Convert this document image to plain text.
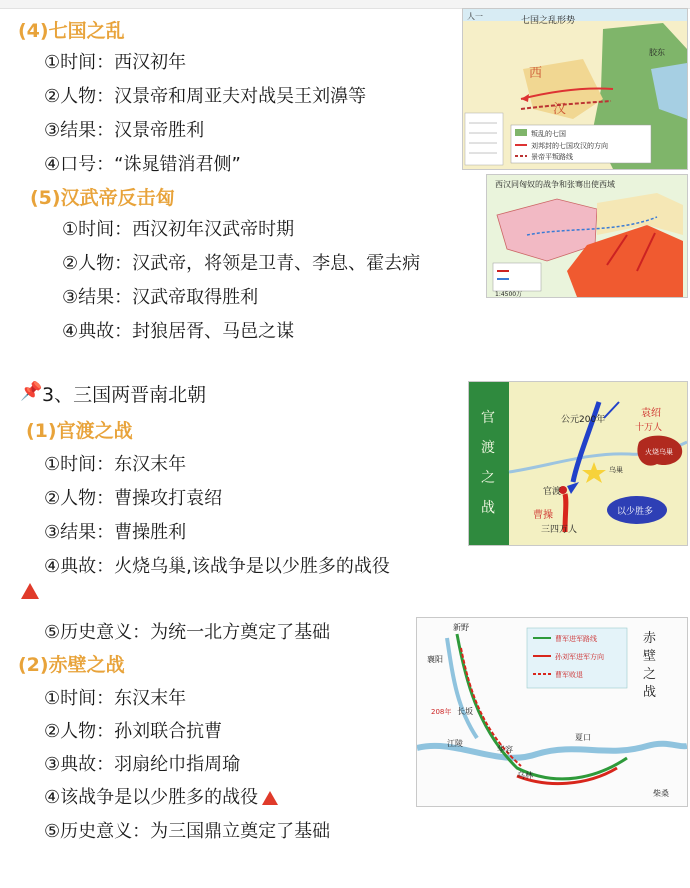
(4)七国之乱
①时间：西汉初年
②人物：汉景帝和周亚夫对战吴王刘濞等
③结果：汉景帝胜利
④口号：“诛晁错消君侧”
(5)汉武帝反击匈
①时间：西汉初年汉武帝时期
②人物：汉武帝，将领是卫青、李息、霍去病
③结果：汉武帝取得胜利
④典故：封狼居胥、马邑之谋
📌 3、三国两晋南北朝
(1)官渡之战
①时间：东汉末年
②人物：曹操攻打袁绍
③结果：曹操胜利
④典故：火烧乌巢,该战争是以少胜多的战役
⑤历史意义：为统一北方奠定了基础
(2)赤壁之战
①时间：东汉末年
②人物：孙刘联合抗曹
③典故：羽扇纶巾指周瑜
④该战争是以少胜多的战役
⑤历史意义：为三国鼎立奠定了基础
人一	七国之乱形势
西
汉
胶东
叛乱的七国
刘邦封的七国攻汉的方向
景帝平叛路线
西汉同匈奴的战争和张骞出使西域
1:4500万
官
渡
之
战
公元200年
袁绍
十万人
火烧乌巢
乌巢
官渡
曹操
三四万人
以少胜多
曹军进军路线
孙刘军进军方向
曹军败退
赤
壁
之
战
新野
襄阳
长坂
江陵
乌林
夏口
柴桑
华容
208年
